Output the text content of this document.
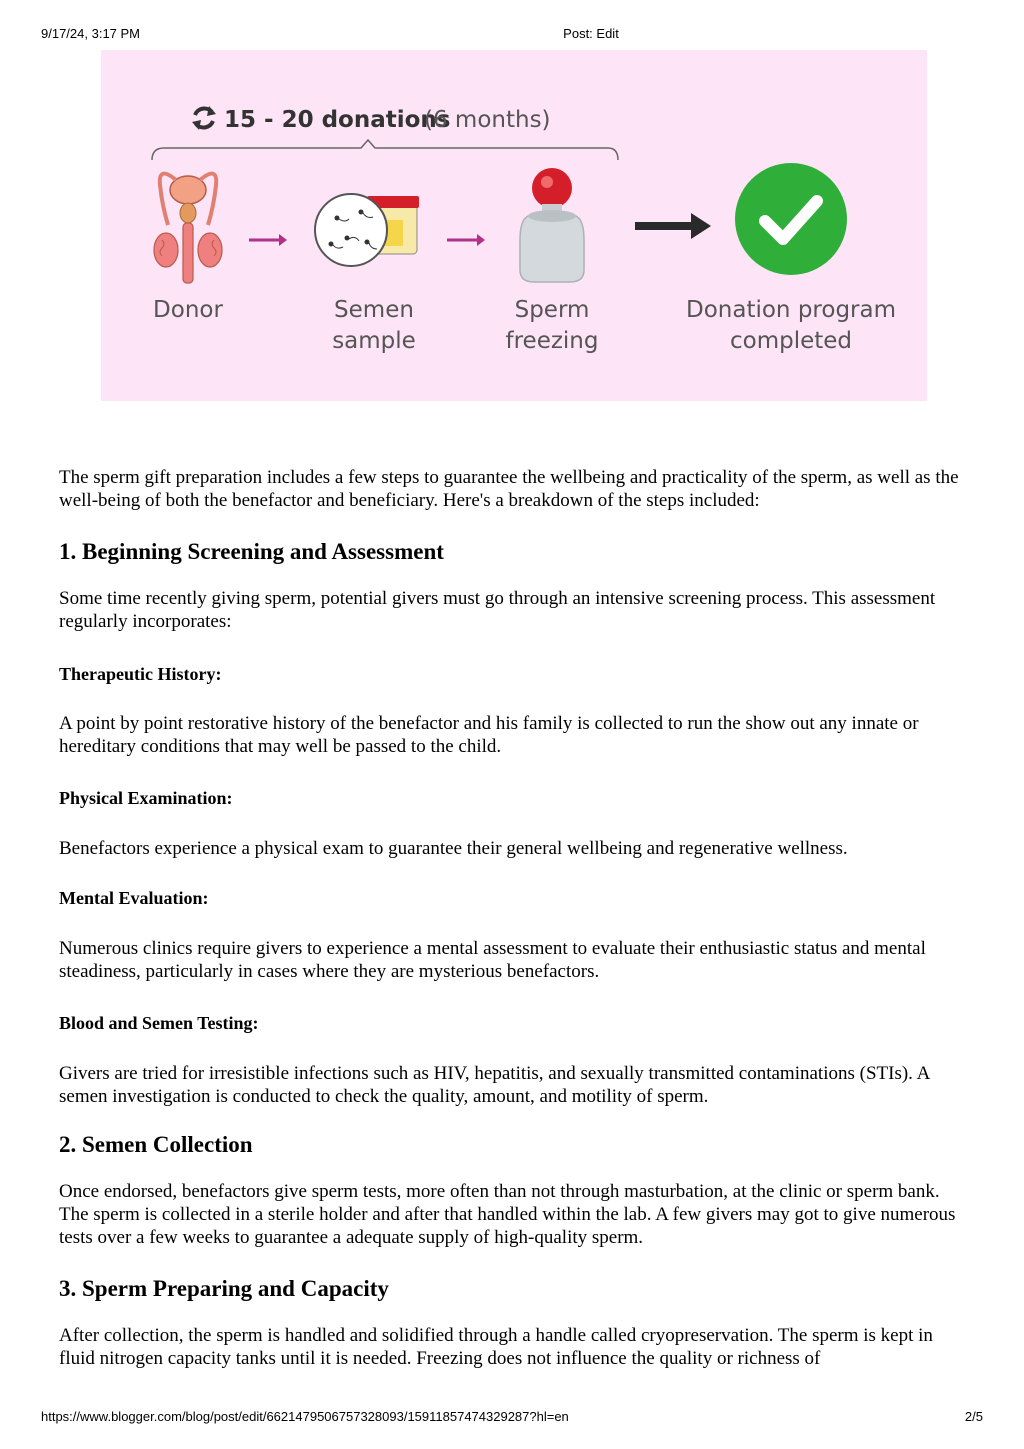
9/17/24, 3:17 PM	Post: Edit
15 - 20 donations
(6 months)
Donor	Semen
sample
Sperm
freezing
Donation program
completed

The sperm gift preparation includes a few steps to guarantee the wellbeing and practicality of the sperm, as well as the well-being of both the benefactor and beneficiary. Here's a breakdown of the steps included:

1. Beginning Screening and Assessment

Some time recently giving sperm, potential givers must go through an intensive screening process. This assessment regularly incorporates:

Therapeutic History:

A point by point restorative history of the benefactor and his family is collected to run the show out any innate or hereditary conditions that may well be passed to the child.

Physical Examination:

Benefactors experience a physical exam to guarantee their general wellbeing and regenerative wellness.

Mental Evaluation:

Numerous clinics require givers to experience a mental assessment to evaluate their enthusiastic status and mental steadiness, particularly in cases where they are mysterious benefactors.

Blood and Semen Testing:

Givers are tried for irresistible infections such as HIV, hepatitis, and sexually transmitted contaminations (STIs). A semen investigation is conducted to check the quality, amount, and motility of sperm.

2. Semen Collection

Once endorsed, benefactors give sperm tests, more often than not through masturbation, at the clinic or sperm bank. The sperm is collected in a sterile holder and after that handled within the lab. A few givers may got to give numerous tests over a few weeks to guarantee a adequate supply of high-quality sperm.

3. Sperm Preparing and Capacity

After collection, the sperm is handled and solidified through a handle called cryopreservation. The sperm is kept in fluid nitrogen capacity tanks until it is needed. Freezing does not influence the quality or richness of

https://www.blogger.com/blog/post/edit/6621479506757328093/1591185747432928​7?hl=en	2/5
